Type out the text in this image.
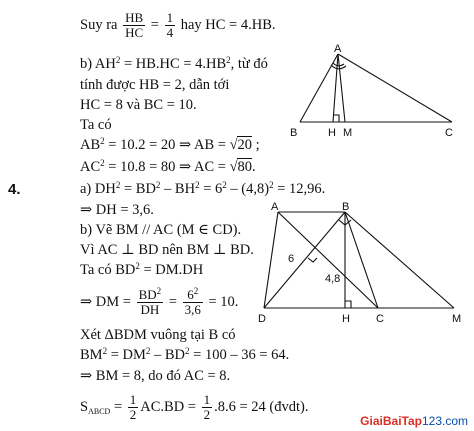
Suy ra $\frac{HB}{HC} = \frac{1}{4}$ hay HC = 4.HB.
b) $AH^2 = HB.HC = 4.HB^2$, từ đó
tính được HB = 2, dẫn tới
HC = 8 và BC = 10.
Ta có
$AB^2 = 10.2 = 20$ ⇒ AB = √20 ;
$AC^2 = 10.8 = 80$ ⇒ AC = √80.
4.	a) $DH^2 = BD^2 - BH^2 = 6^2 - (4,8)^2 = 12,96$.
⇒ DH = 3,6.
b) Vẽ BM // AC (M ∈ CD).
Vì AC ⊥ BD nên BM ⊥ BD.
Ta có $BD^2 = DM.DH$
⇒ DM = $\frac{BD^2}{DH} = \frac{6^2}{3,6} = 10$.
Xét ΔBDM vuông tại B có
$BM^2 = DM^2 - BD^2 = 100 - 36 = 64$.
⇒ BM = 8, do đó AC = 8.
$S_{ABCD} = \frac{1}{2} AC.BD = \frac{1}{2} .8.6 = 24$ (đvdt).
A
B	H M	C
A	B
D	H C	M
6
4,8
GiaiBaiTap123.com
